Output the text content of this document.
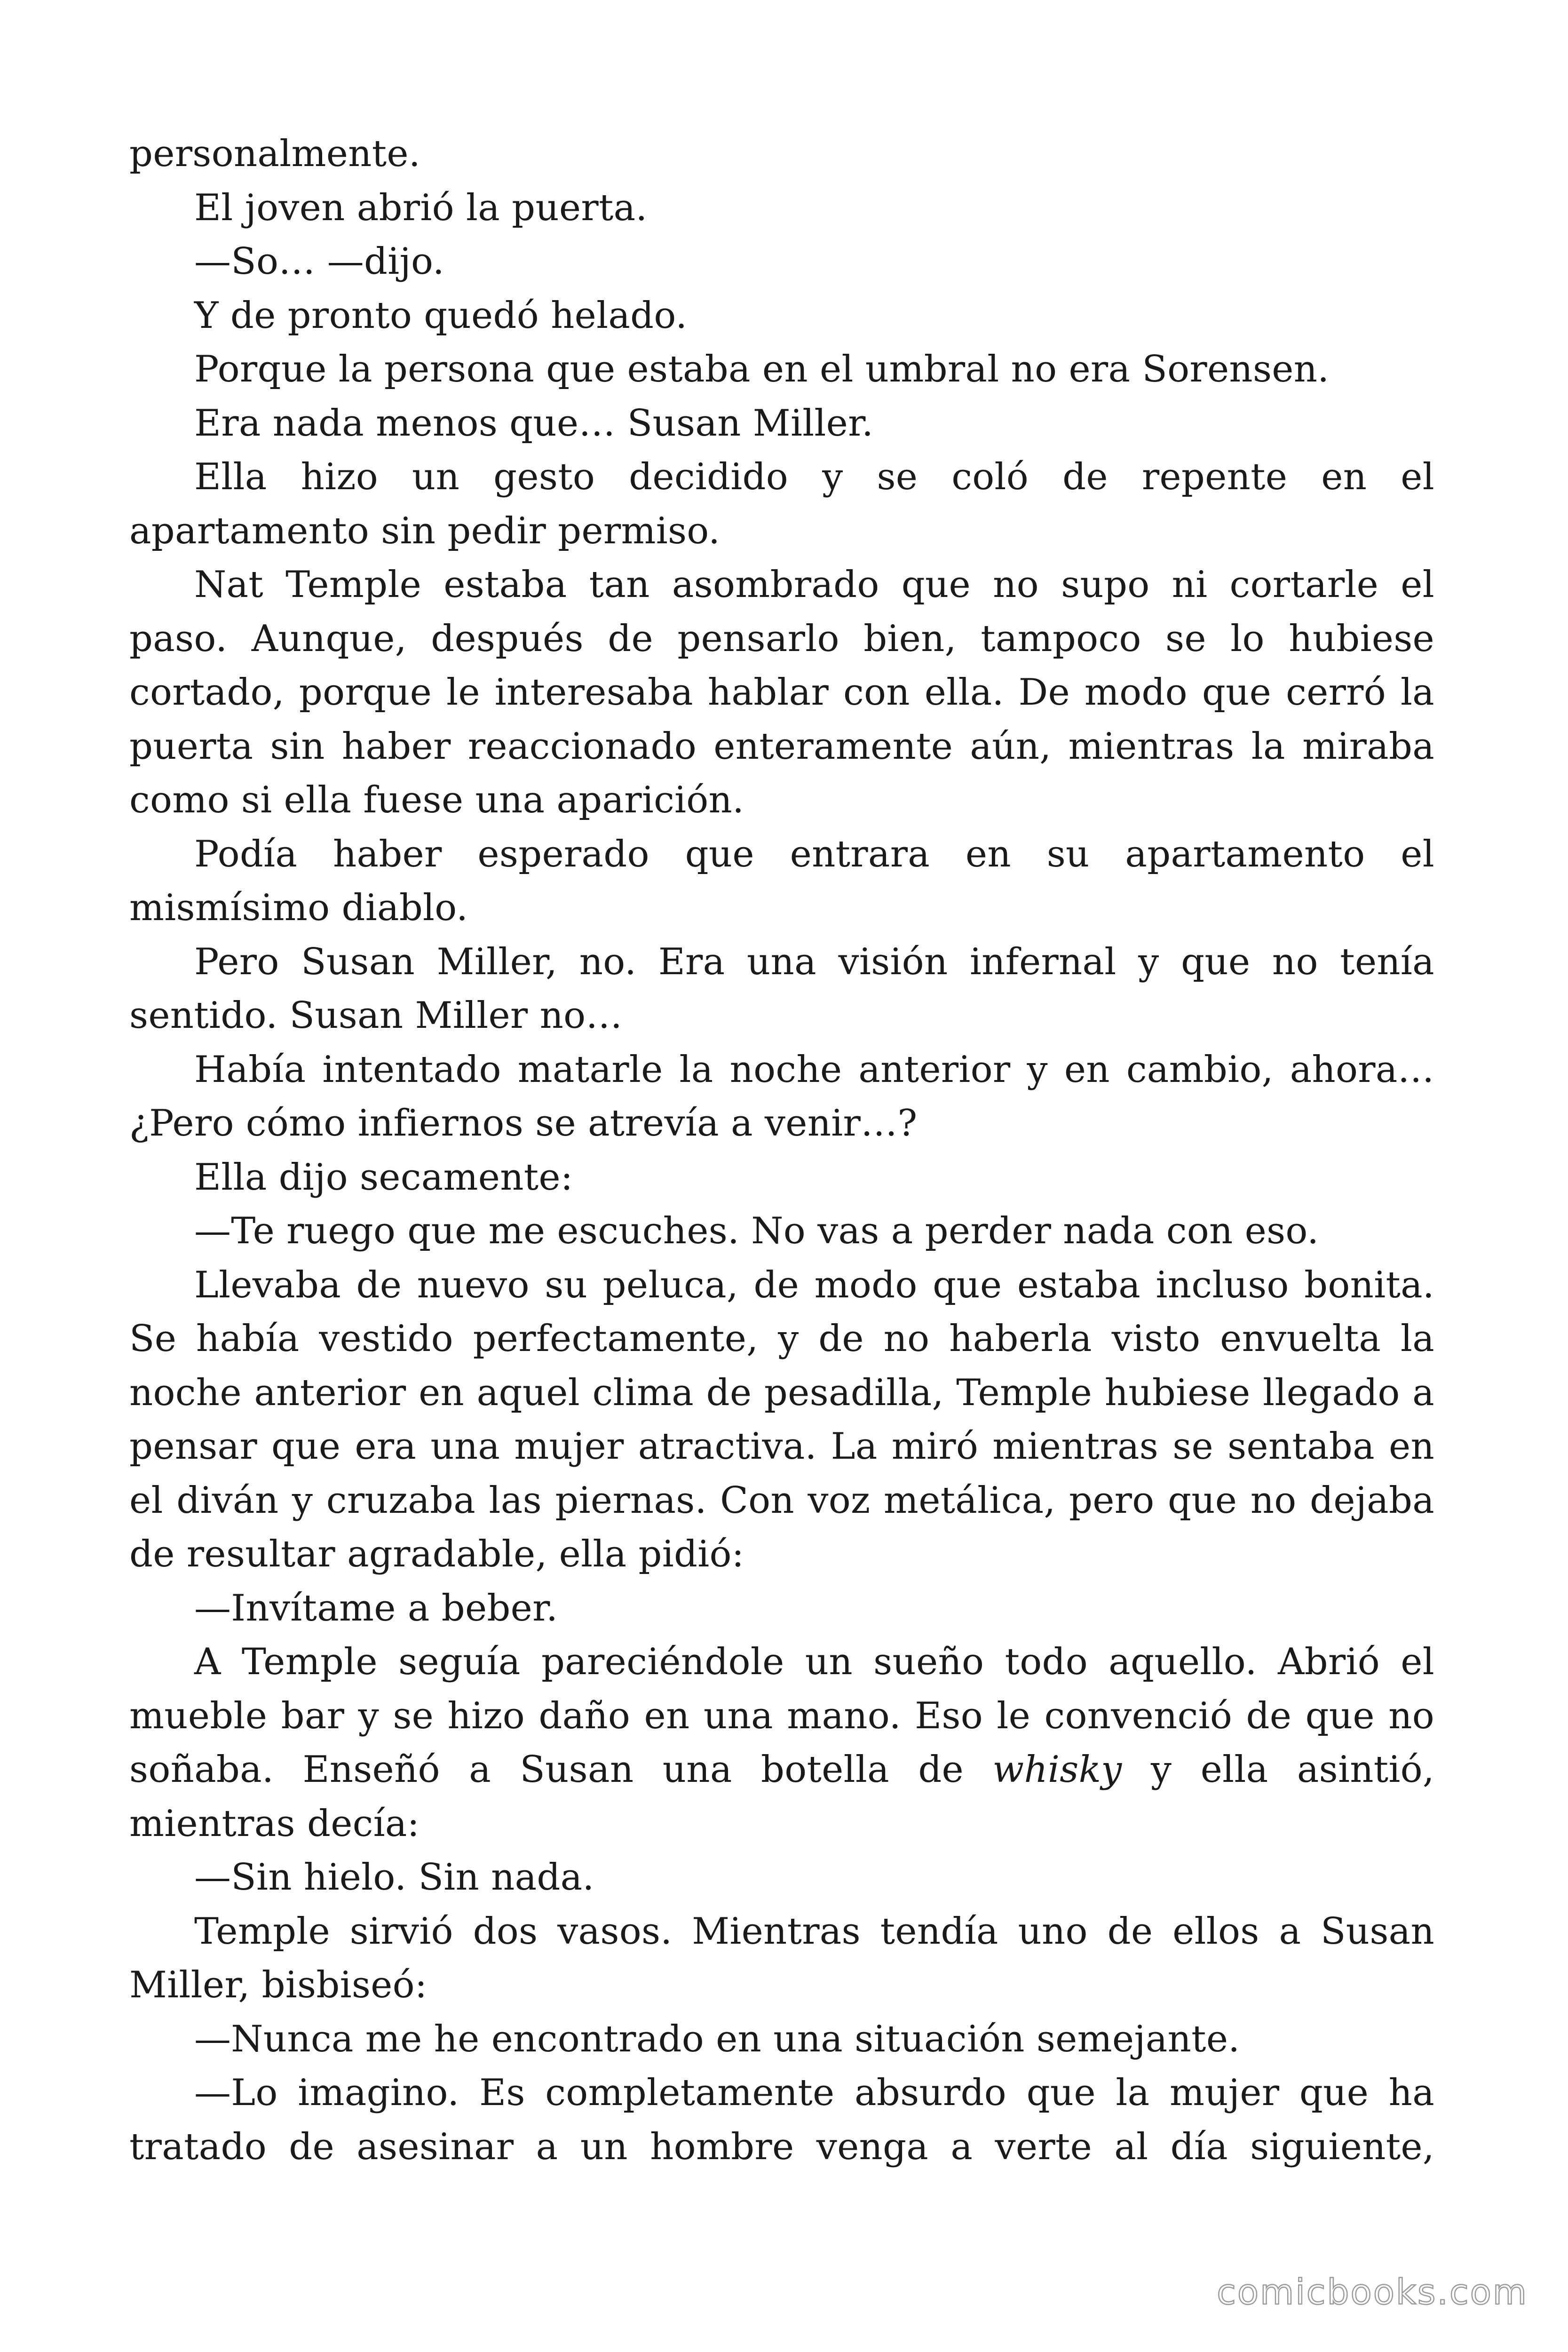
personalmente.

El joven abrió la puerta.

—So… —dijo.

Y de pronto quedó helado.

Porque la persona que estaba en el umbral no era Sorensen.

Era nada menos que… Susan Miller.

Ella hizo un gesto decidido y se coló de repente en el apartamento sin pedir permiso.

Nat Temple estaba tan asombrado que no supo ni cortarle el paso. Aunque, después de pensarlo bien, tampoco se lo hubiese cortado, porque le interesaba hablar con ella. De modo que cerró la puerta sin haber reaccionado enteramente aún, mientras la miraba como si ella fuese una aparición.

Podía haber esperado que entrara en su apartamento el mismísimo diablo.

Pero Susan Miller, no. Era una visión infernal y que no tenía sentido. Susan Miller no…

Había intentado matarle la noche anterior y en cambio, ahora… ¿Pero cómo infiernos se atrevía a venir…?

Ella dijo secamente:

—Te ruego que me escuches. No vas a perder nada con eso.

Llevaba de nuevo su peluca, de modo que estaba incluso bonita. Se había vestido perfectamente, y de no haberla visto envuelta la noche anterior en aquel clima de pesadilla, Temple hubiese llegado a pensar que era una mujer atractiva. La miró mientras se sentaba en el diván y cruzaba las piernas. Con voz metálica, pero que no dejaba de resultar agradable, ella pidió:

—Invítame a beber.

A Temple seguía pareciéndole un sueño todo aquello. Abrió el mueble bar y se hizo daño en una mano. Eso le convenció de que no soñaba. Enseñó a Susan una botella de whisky y ella asintió, mientras decía:

—Sin hielo. Sin nada.

Temple sirvió dos vasos. Mientras tendía uno de ellos a Susan Miller, bisbiseó:

—Nunca me he encontrado en una situación semejante.

—Lo imagino. Es completamente absurdo que la mujer que ha tratado de asesinar a un hombre venga a verte al día siguiente,

comicbooks.com
